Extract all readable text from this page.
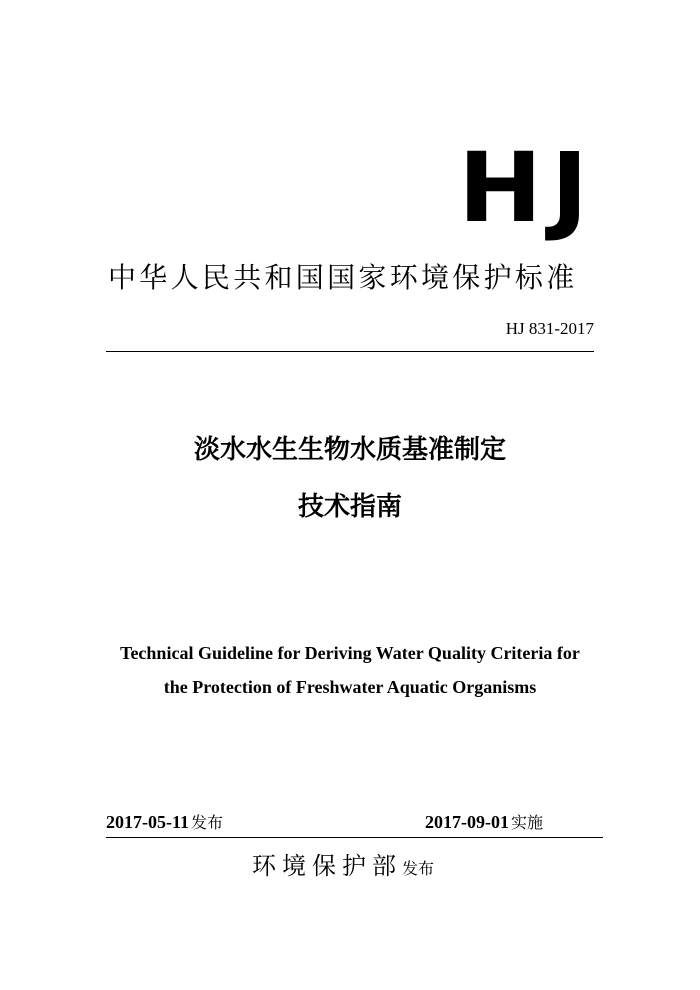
HJ
中华人民共和国国家环境保护标准
HJ 831-2017
淡水水生生物水质基准制定
技术指南
Technical Guideline for Deriving Water Quality Criteria for
the Protection of Freshwater Aquatic Organisms
2017-05-11 发布	2017-09-01 实施
环境保护部发布
